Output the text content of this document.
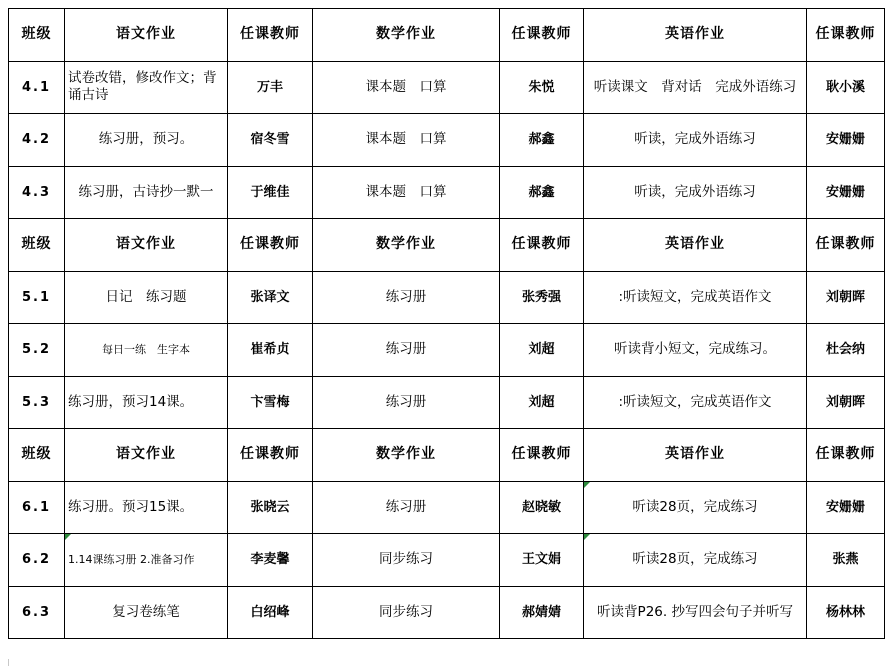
班级	语文作业	任课教师	数学作业	任课教师	英语作业	任课教师
4.1	试卷改错，修改作文；背诵古诗	万丰	课本题　口算	朱悦	听读课文　背对话　完成外语练习	耿小溪
4.2	练习册，预习。	宿冬雪	课本题　口算	郝鑫	听读，完成外语练习	安姗姗
4.3	练习册，古诗抄一默一	于维佳	课本题　口算	郝鑫	听读，完成外语练习	安姗姗
班级	语文作业	任课教师	数学作业	任课教师	英语作业	任课教师
5.1	日记　练习题	张译文	练习册	张秀强	:听读短文，完成英语作文	刘朝晖
5.2	每日一练　生字本	崔希贞	练习册	刘超	听读背小短文，完成练习。	杜会纳
5.3	练习册，预习14课。	卞雪梅	练习册	刘超	:听读短文，完成英语作文	刘朝晖
班级	语文作业	任课教师	数学作业	任课教师	英语作业	任课教师
6.1	练习册。预习15课。	张晓云	练习册	赵晓敏	听读28页，完成练习	安姗姗
6.2	1.14课练习册 2.准备习作	李麦馨	同步练习	王文娟	听读28页，完成练习	张燕
6.3	复习卷练笔	白绍峰	同步练习	郝婧婧	听读背P26. 抄写四会句子并听写	杨林林
